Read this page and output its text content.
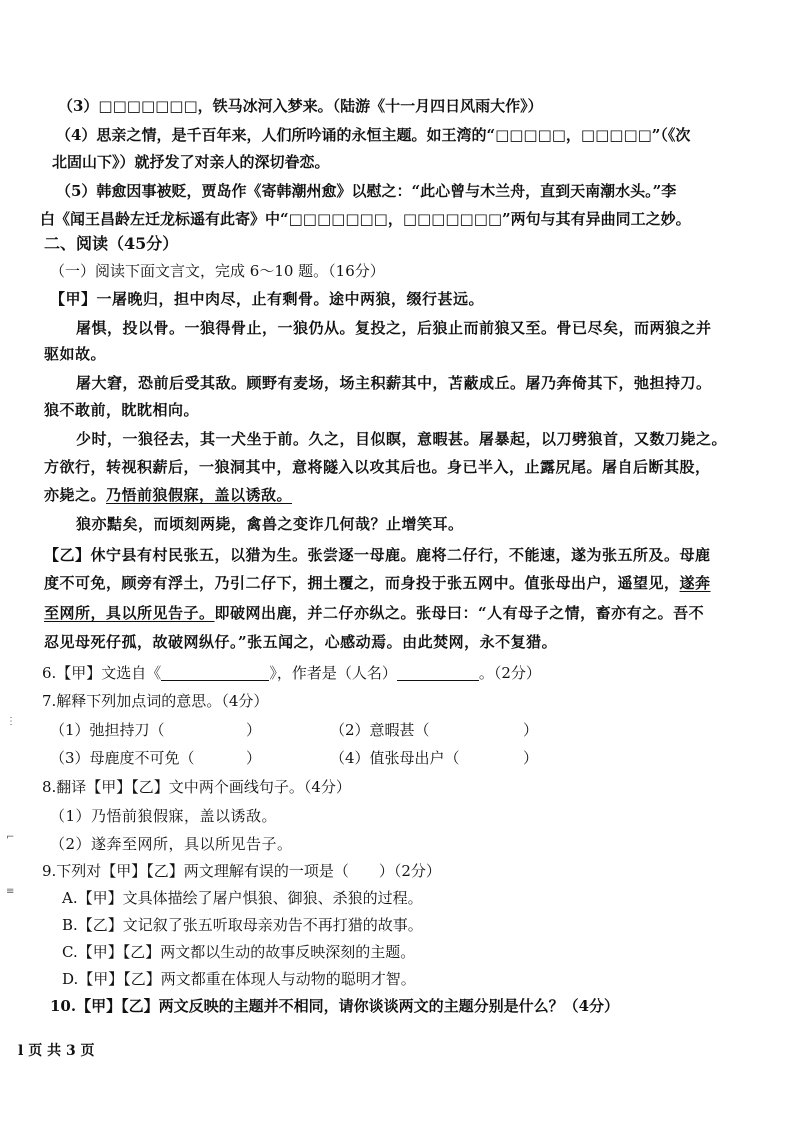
（3）□□□□□□□，铁马冰河入梦来。（陆游《十一月四日风雨大作》）
（4）思亲之情，是千百年来，人们所吟诵的永恒主题。如王湾的“□□□□□，□□□□□”（《次
北固山下》）就抒发了对亲人的深切眷恋。
（5）韩愈因事被贬，贾岛作《寄韩潮州愈》以慰之：“此心曾与木兰舟，直到天南潮水头。”李
白《闻王昌龄左迁龙标遥有此寄》中“□□□□□□□，□□□□□□□”两句与其有异曲同工之妙。
二、阅读（45分）
（一）阅读下面文言文，完成 6～10 题。（16分）
【甲】一屠晚归，担中肉尽，止有剩骨。途中两狼，缀行甚远。
屠惧，投以骨。一狼得骨止，一狼仍从。复投之，后狼止而前狼又至。骨已尽矣，而两狼之并
驱如故。
屠大窘，恐前后受其敌。顾野有麦场，场主积薪其中，苫蔽成丘。屠乃奔倚其下，弛担持刀。
狼不敢前，眈眈相向。
少时，一狼径去，其一犬坐于前。久之，目似瞑，意暇甚。屠暴起，以刀劈狼首，又数刀毙之。
方欲行，转视积薪后，一狼洞其中，意将隧入以攻其后也。身已半入，止露尻尾。屠自后断其股，
亦毙之。乃悟前狼假寐，盖以诱敌。
狼亦黠矣，而顷刻两毙，禽兽之变诈几何哉？止增笑耳。
【乙】休宁县有村民张五，以猎为生。张尝逐一母鹿。鹿将二仔行，不能速，遂为张五所及。母鹿
度不可免，顾旁有浮土，乃引二仔下，拥土覆之，而身投于张五网中。值张母出户，遥望见，遂奔
至网所，具以所见告子。即破网出鹿，并二仔亦纵之。张母曰：“人有母子之情，畜亦有之。吾不
忍见母死仔孤，故破网纵仔。”张五闻之，心感动焉。由此焚网，永不复猎。
6.【甲】文选自《	》，作者是（人名）	。（2分）
7.解释下列加点词的意思。（4分）
（1）弛担持刀（	）	（2）意暇甚（	）
（3）母鹿度不可免（	）	（4）值张母出户（	）
8.翻译【甲】【乙】文中两个画线句子。（4分）
（1）乃悟前狼假寐，盖以诱敌。
（2）遂奔至网所，具以所见告子。
9.下列对【甲】【乙】两文理解有误的一项是（　　）（2分）
A.【甲】文具体描绘了屠户惧狼、御狼、杀狼的过程。
B.【乙】文记叙了张五听取母亲劝告不再打猎的故事。
C.【甲】【乙】两文都以生动的故事反映深刻的主题。
D.【甲】【乙】两文都重在体现人与动物的聪明才智。
10.【甲】【乙】两文反映的主题并不相同，请你谈谈两文的主题分别是什么？（4分）
⋮
⌐
≡
l 页 共 3 页
